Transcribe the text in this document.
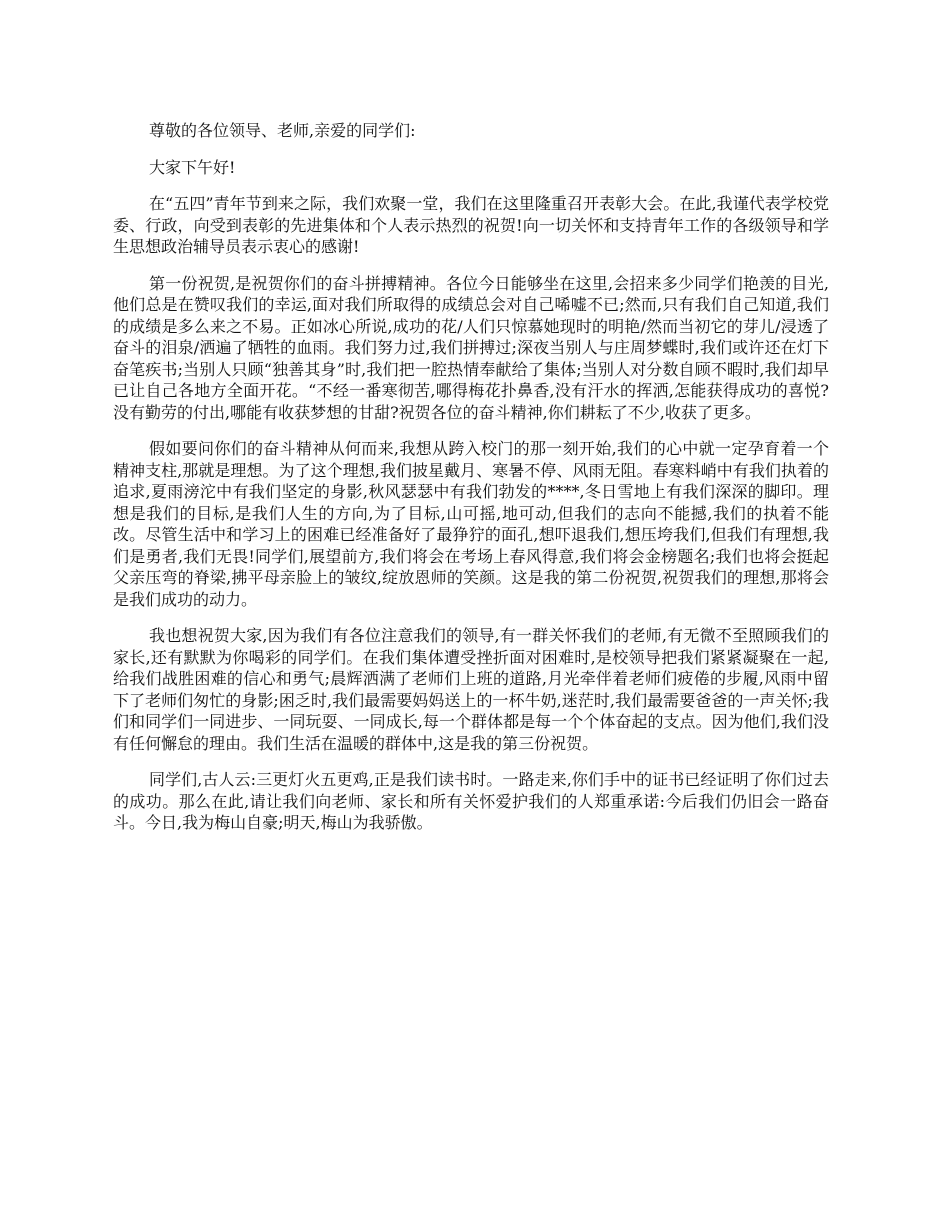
尊敬的各位领导、老师,亲爱的同学们:

大家下午好!

在“五四”青年节到来之际，我们欢聚一堂，我们在这里隆重召开表彰大会。在此,我谨代表学校党委、行政，向受到表彰的先进集体和个人表示热烈的祝贺!向一切关怀和支持青年工作的各级领导和学生思想政治辅导员表示衷心的感谢!

第一份祝贺,是祝贺你们的奋斗拼搏精神。各位今日能够坐在这里,会招来多少同学们艳羡的目光,他们总是在赞叹我们的幸运,面对我们所取得的成绩总会对自己唏嘘不已;然而,只有我们自己知道,我们的成绩是多么来之不易。正如冰心所说,成功的花/人们只惊慕她现时的明艳/然而当初它的芽儿/浸透了奋斗的泪泉/洒遍了牺牲的血雨。我们努力过,我们拼搏过;深夜当别人与庄周梦蝶时,我们或许还在灯下奋笔疾书;当别人只顾“独善其身”时,我们把一腔热情奉献给了集体;当别人对分数自顾不暇时,我们却早已让自己各地方全面开花。“不经一番寒彻苦,哪得梅花扑鼻香,没有汗水的挥洒,怎能获得成功的喜悦?没有勤劳的付出,哪能有收获梦想的甘甜?祝贺各位的奋斗精神,你们耕耘了不少,收获了更多。

假如要问你们的奋斗精神从何而来,我想从跨入校门的那一刻开始,我们的心中就一定孕育着一个精神支柱,那就是理想。为了这个理想,我们披星戴月、寒暑不停、风雨无阻。春寒料峭中有我们执着的追求,夏雨滂沱中有我们坚定的身影,秋风瑟瑟中有我们勃发的****,冬日雪地上有我们深深的脚印。理想是我们的目标,是我们人生的方向,为了目标,山可摇,地可动,但我们的志向不能撼,我们的执着不能改。尽管生活中和学习上的困难已经准备好了最狰狞的面孔,想吓退我们,想压垮我们,但我们有理想,我们是勇者,我们无畏!同学们,展望前方,我们将会在考场上春风得意,我们将会金榜题名;我们也将会挺起父亲压弯的脊梁,拂平母亲脸上的皱纹,绽放恩师的笑颜。这是我的第二份祝贺,祝贺我们的理想,那将会是我们成功的动力。

我也想祝贺大家,因为我们有各位注意我们的领导,有一群关怀我们的老师,有无微不至照顾我们的家长,还有默默为你喝彩的同学们。在我们集体遭受挫折面对困难时,是校领导把我们紧紧凝聚在一起,给我们战胜困难的信心和勇气;晨辉洒满了老师们上班的道路,月光牵伴着老师们疲倦的步履,风雨中留下了老师们匆忙的身影;困乏时,我们最需要妈妈送上的一杯牛奶,迷茫时,我们最需要爸爸的一声关怀;我们和同学们一同进步、一同玩耍、一同成长,每一个群体都是每一个个体奋起的支点。因为他们,我们没有任何懈怠的理由。我们生活在温暖的群体中,这是我的第三份祝贺。

同学们,古人云:三更灯火五更鸡,正是我们读书时。一路走来,你们手中的证书已经证明了你们过去的成功。那么在此,请让我们向老师、家长和所有关怀爱护我们的人郑重承诺:今后我们仍旧会一路奋斗。今日,我为梅山自豪;明天,梅山为我骄傲。
